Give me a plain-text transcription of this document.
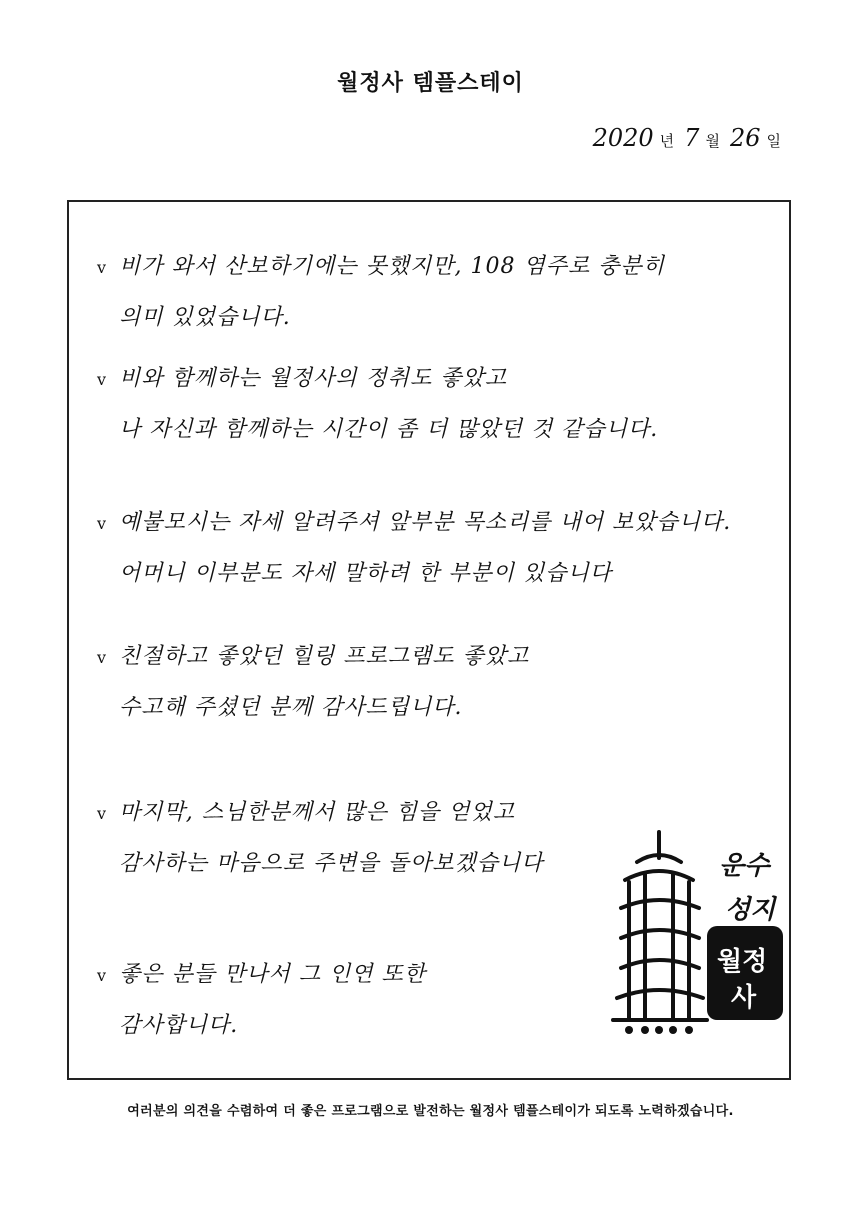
월정사 템플스테이
2020 년 7 월 26 일
v 비가 와서 산보하기에는 못했지만, 108 염주로 충분히
의미 있었습니다.
v 비와 함께하는 월정사의 정취도 좋았고
나 자신과 함께하는 시간이 좀 더 많았던 것 같습니다.
v 예불모시는 자세 알려주셔 앞부분 목소리를 내어 보았습니다.
어머니 이부분도 자세 말하려 한 부분이 있습니다
v 친절하고 좋았던 힐링 프로그램도 좋았고
수고해 주셨던 분께 감사드립니다.
v 마지막, 스님한분께서 많은 힘을 얻었고
감사하는 마음으로 주변을 돌아보겠습니다
v 좋은 분들 만나서 그 인연 또한
감사합니다.
운수
성지
월정
사
여러분의 의견을 수렴하여 더 좋은 프로그램으로 발전하는 월정사 템플스테이가 되도록 노력하겠습니다.
